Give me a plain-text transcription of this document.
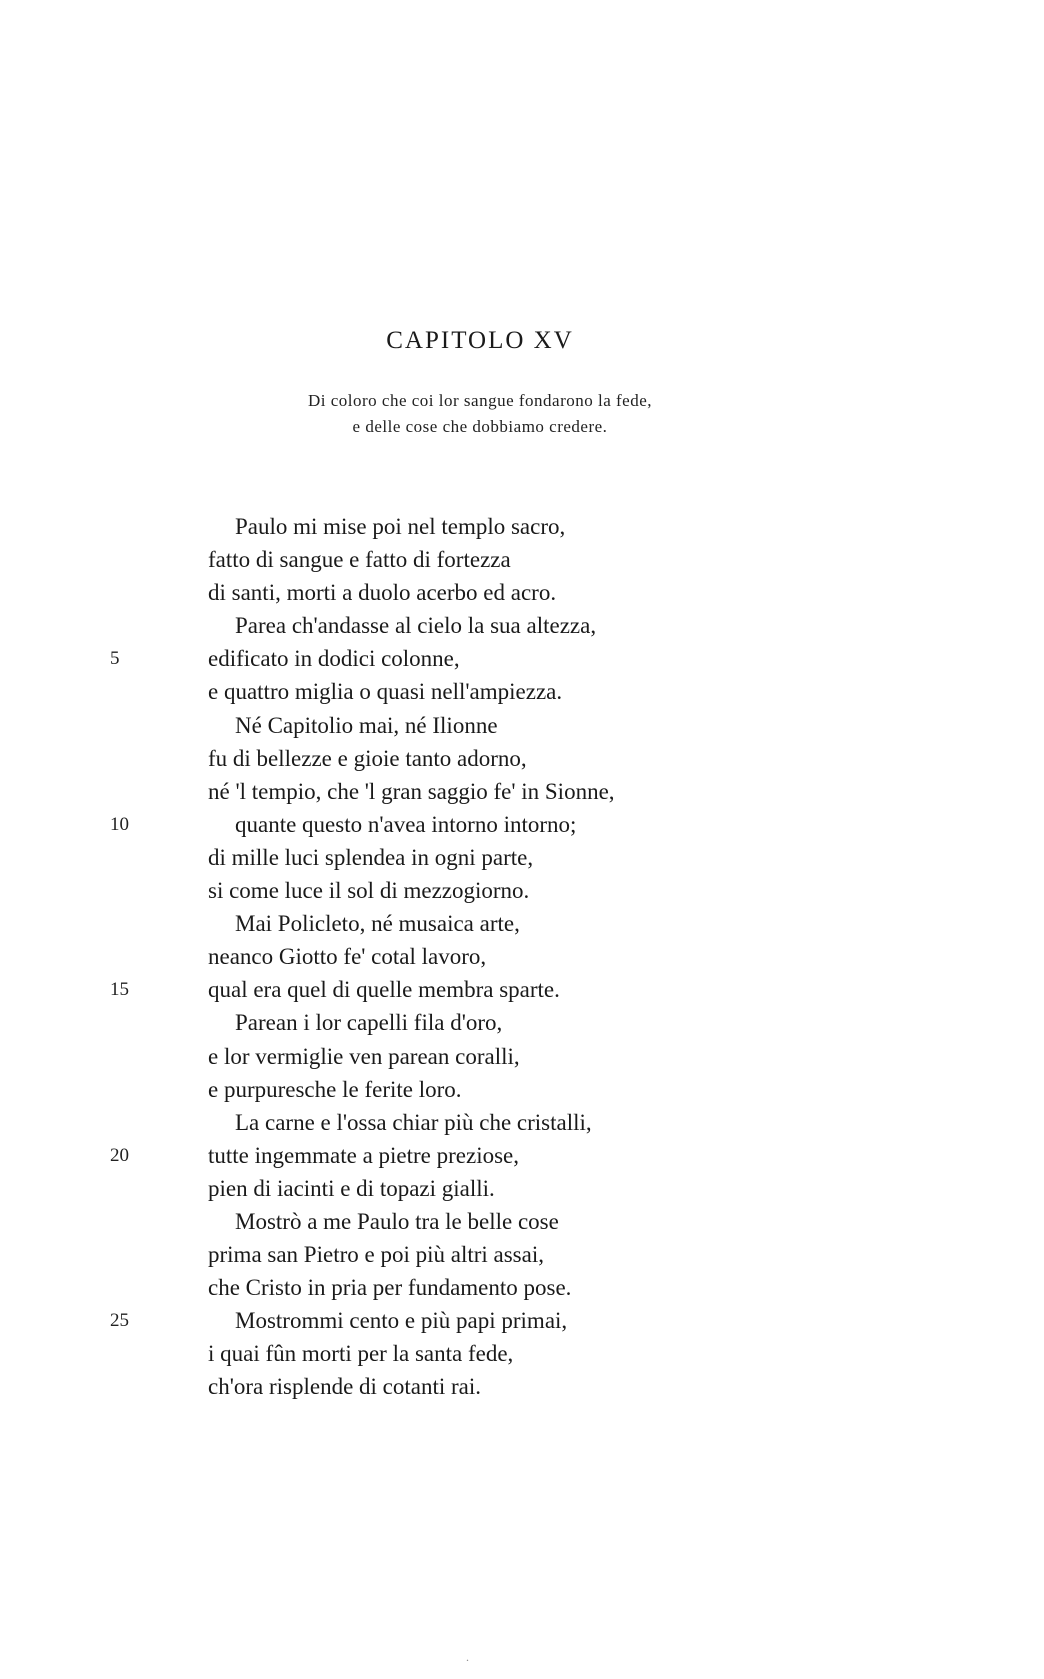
CAPITOLO XV
Di coloro che coi lor sangue fondarono la fede,
e delle cose che dobbiamo credere.
Paulo mi mise poi nel templo sacro,
fatto di sangue e fatto di fortezza
di santi, morti a duolo acerbo ed acro.
Parea ch'andasse al cielo la sua altezza,
5	edificato in dodici colonne,
e quattro miglia o quasi nell'ampiezza.
Né Capitolio mai, né Ilionne
fu di bellezze e gioie tanto adorno,
né 'l tempio, che 'l gran saggio fe' in Sionne,
10	quante questo n'avea intorno intorno;
di mille luci splendea in ogni parte,
si come luce il sol di mezzogiorno.
Mai Policleto, né musaica arte,
neanco Giotto fe' cotal lavoro,
15	qual era quel di quelle membra sparte.
Parean i lor capelli fila d'oro,
e lor vermiglie ven parean coralli,
e purpuresche le ferite loro.
La carne e l'ossa chiar più che cristalli,
20	tutte ingemmate a pietre preziose,
pien di iacinti e di topazi gialli.
Mostrò a me Paulo tra le belle cose
prima san Pietro e poi più altri assai,
che Cristo in pria per fundamento pose.
25	Mostrommi cento e più papi primai,
i quai fûn morti per la santa fede,
ch'ora risplende di cotanti rai.
.
